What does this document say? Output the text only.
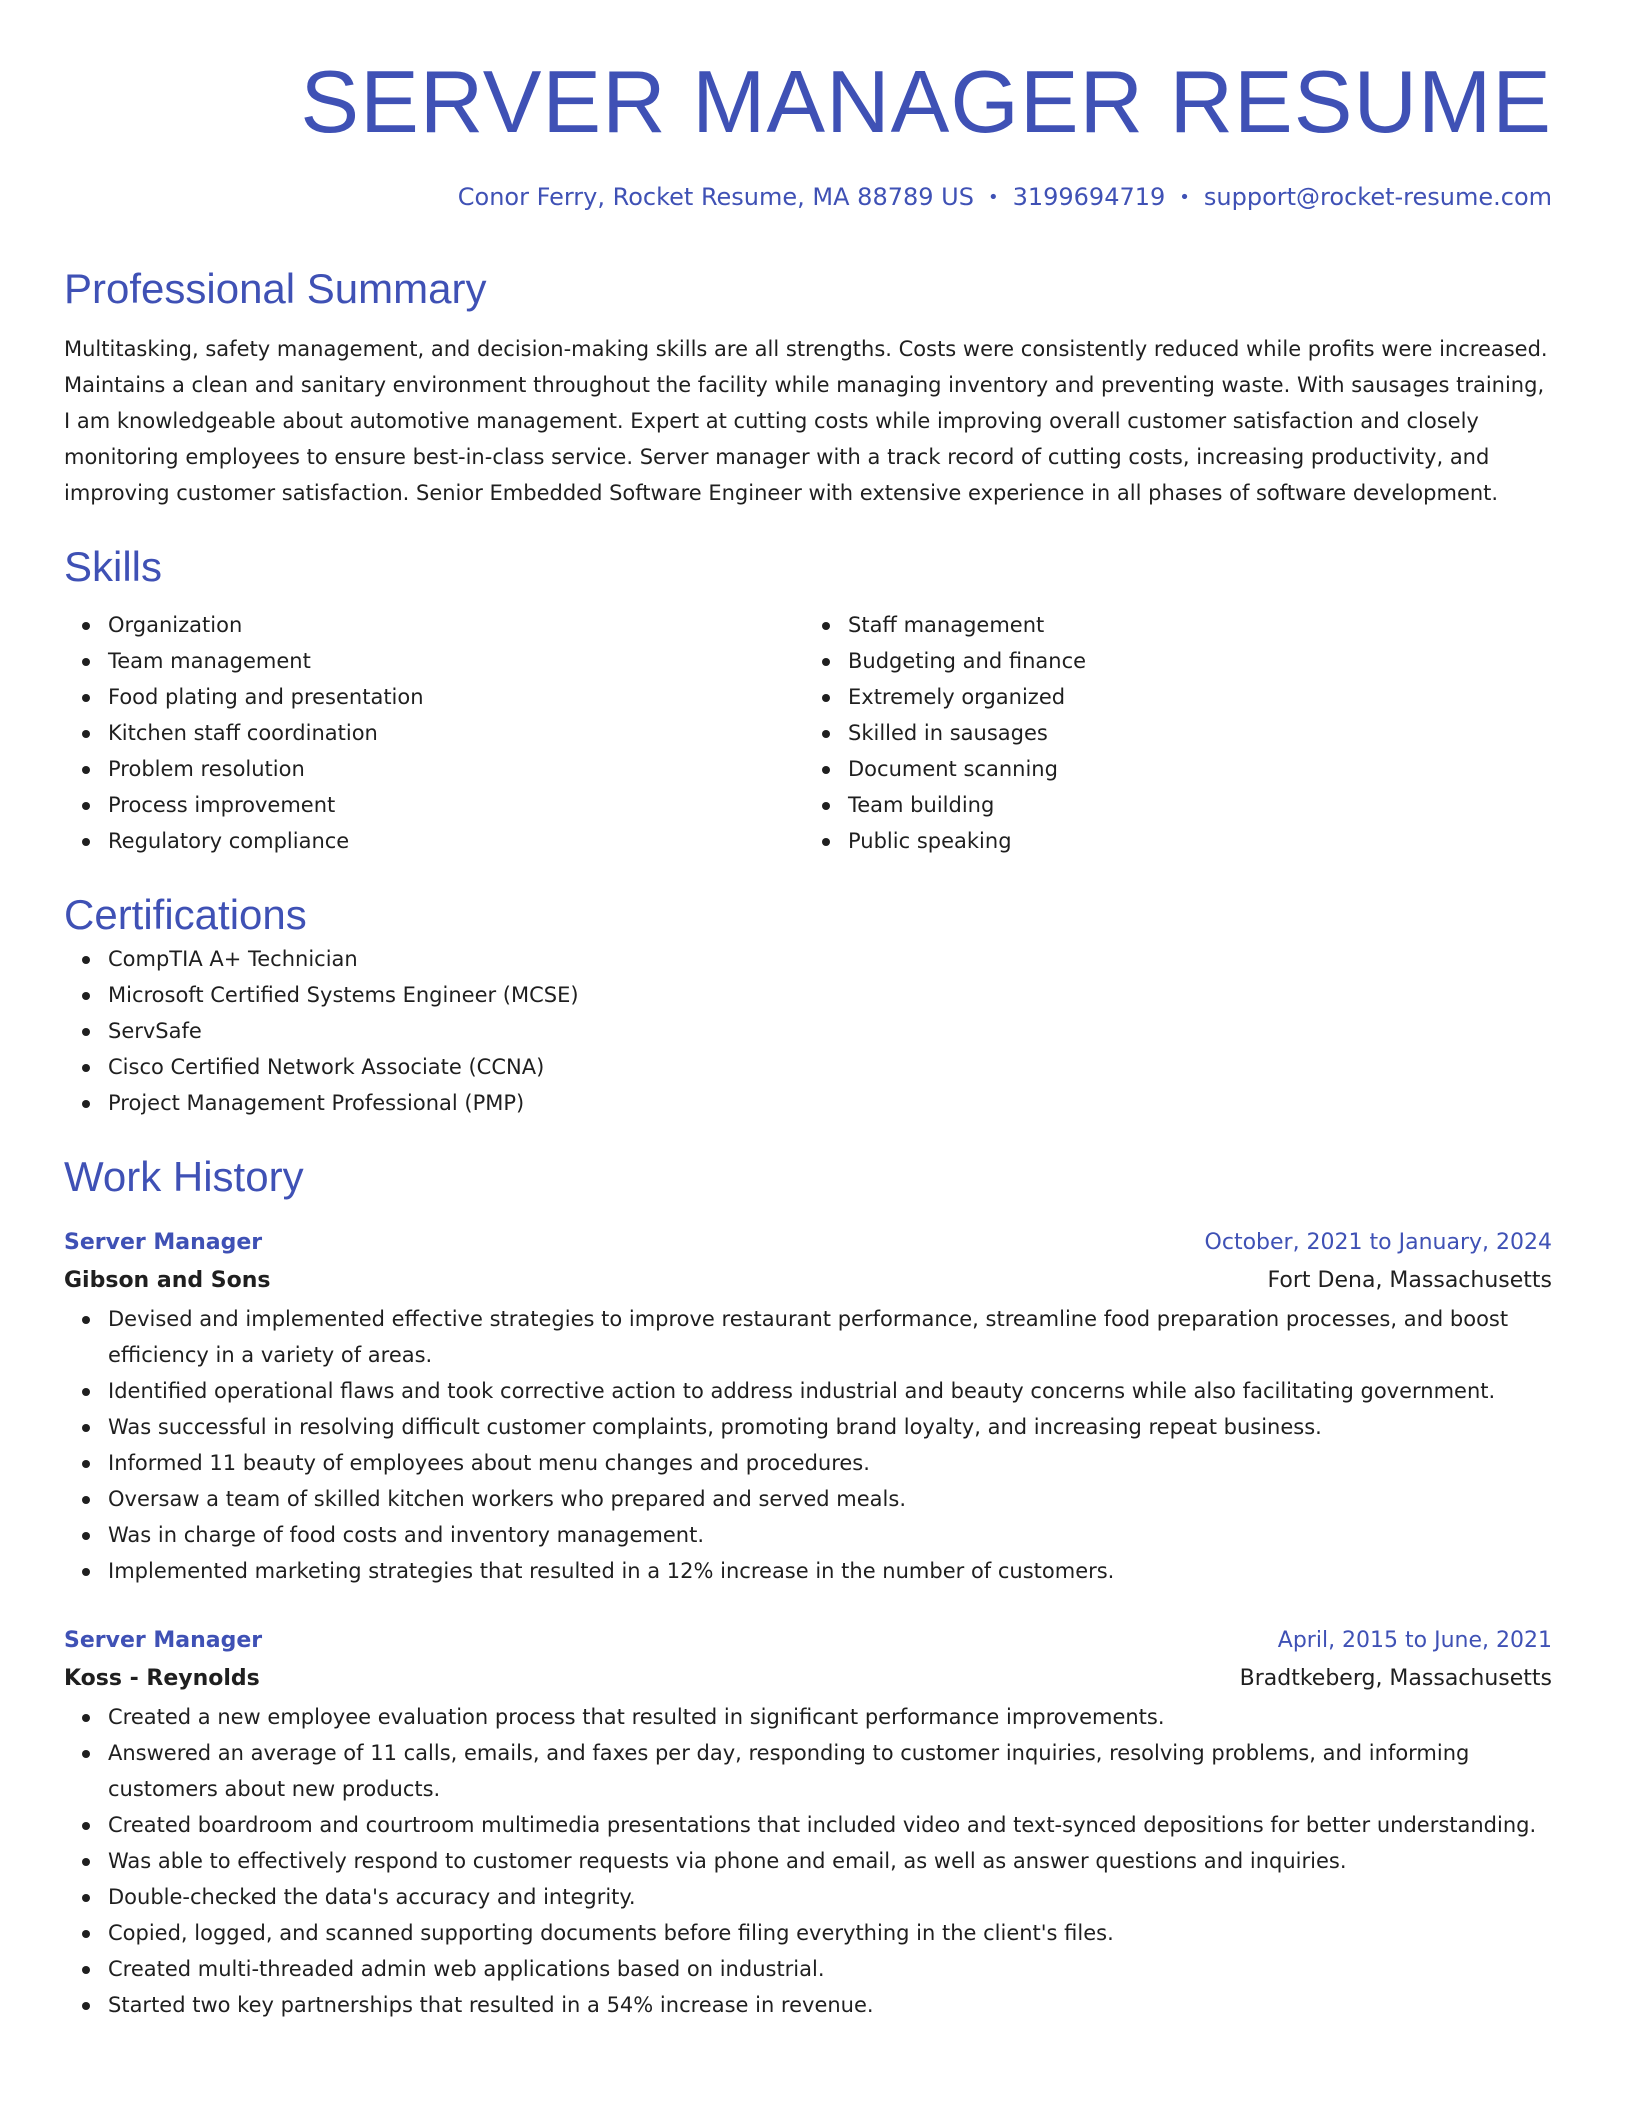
SERVER MANAGER RESUME
Conor Ferry, Rocket Resume, MA 88789 US • 3199694719 • support@rocket-resume.com
Professional Summary

Multitasking, safety management, and decision-making skills are all strengths. Costs were consistently reduced while profits were increased. Maintains a clean and sanitary environment throughout the facility while managing inventory and preventing waste. With sausages training, I am knowledgeable about automotive management. Expert at cutting costs while improving overall customer satisfaction and closely monitoring employees to ensure best-in-class service. Server manager with a track record of cutting costs, increasing productivity, and improving customer satisfaction. Senior Embedded Software Engineer with extensive experience in all phases of software development.

Skills
Organization
Team management
Food plating and presentation
Kitchen staff coordination
Problem resolution
Process improvement
Regulatory compliance
Staff management
Budgeting and finance
Extremely organized
Skilled in sausages
Document scanning
Team building
Public speaking
Certifications
CompTIA A+ Technician
Microsoft Certified Systems Engineer (MCSE)
ServSafe
Cisco Certified Network Associate (CCNA)
Project Management Professional (PMP)
Work History
Server Manager	October, 2021 to January, 2024
Gibson and Sons	Fort Dena, Massachusetts
Devised and implemented effective strategies to improve restaurant performance, streamline food preparation processes, and boost efficiency in a variety of areas.
Identified operational flaws and took corrective action to address industrial and beauty concerns while also facilitating government.
Was successful in resolving difficult customer complaints, promoting brand loyalty, and increasing repeat business.
Informed 11 beauty of employees about menu changes and procedures.
Oversaw a team of skilled kitchen workers who prepared and served meals.
Was in charge of food costs and inventory management.
Implemented marketing strategies that resulted in a 12% increase in the number of customers.
Server Manager	April, 2015 to June, 2021
Koss - Reynolds	Bradtkeberg, Massachusetts
Created a new employee evaluation process that resulted in significant performance improvements.
Answered an average of 11 calls, emails, and faxes per day, responding to customer inquiries, resolving problems, and informing customers about new products.
Created boardroom and courtroom multimedia presentations that included video and text-synced depositions for better understanding.
Was able to effectively respond to customer requests via phone and email, as well as answer questions and inquiries.
Double-checked the data's accuracy and integrity.
Copied, logged, and scanned supporting documents before filing everything in the client's files.
Created multi-threaded admin web applications based on industrial.
Started two key partnerships that resulted in a 54% increase in revenue.
